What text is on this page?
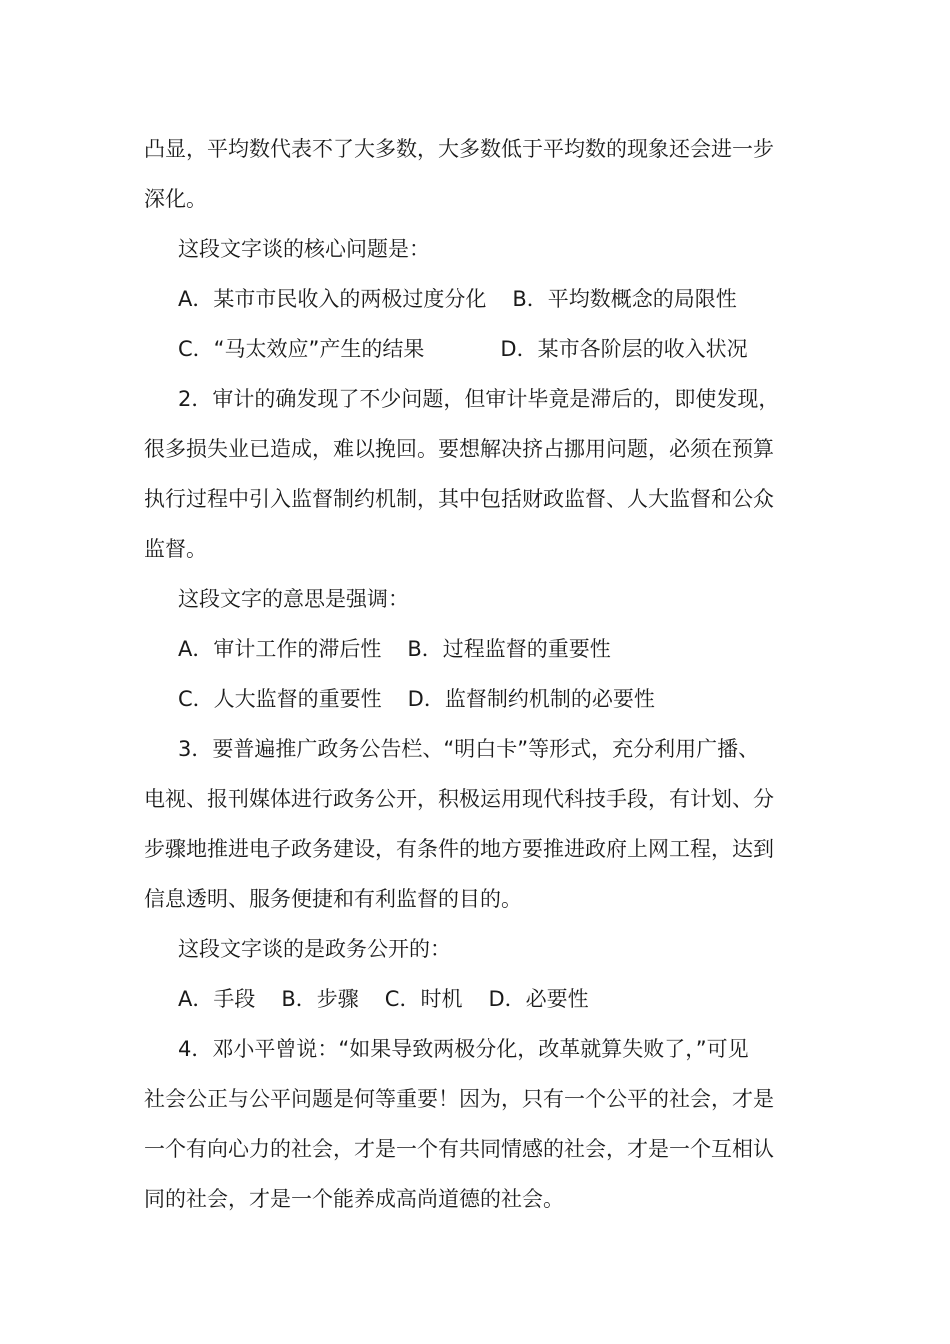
凸显，平均数代表不了大多数，大多数低于平均数的现象还会进一步
深化。
这段文字谈的核心问题是：
A．某市市民收入的两极过度分化 B．平均数概念的局限性
C．“马太效应”产生的结果	D．某市各阶层的收入状况
2．审计的确发现了不少问题，但审计毕竟是滞后的，即使发现，
很多损失业已造成，难以挽回。要想解决挤占挪用问题，必须在预算
执行过程中引入监督制约机制，其中包括财政监督、人大监督和公众
监督。
这段文字的意思是强调：
A．审计工作的滞后性 B．过程监督的重要性
C．人大监督的重要性 D．监督制约机制的必要性
3．要普遍推广政务公告栏、“明白卡”等形式，充分利用广播、
电视、报刊媒体进行政务公开，积极运用现代科技手段，有计划、分
步骤地推进电子政务建设，有条件的地方要推进政府上网工程，达到
信息透明、服务便捷和有利监督的目的。
这段文字谈的是政务公开的：
A．手段 B．步骤 C．时机 D．必要性
4．邓小平曾说：“如果导致两极分化，改革就算失败了，”可见
社会公正与公平问题是何等重要！因为，只有一个公平的社会，才是
一个有向心力的社会，才是一个有共同情感的社会，才是一个互相认
同的社会，才是一个能养成高尚道德的社会。
